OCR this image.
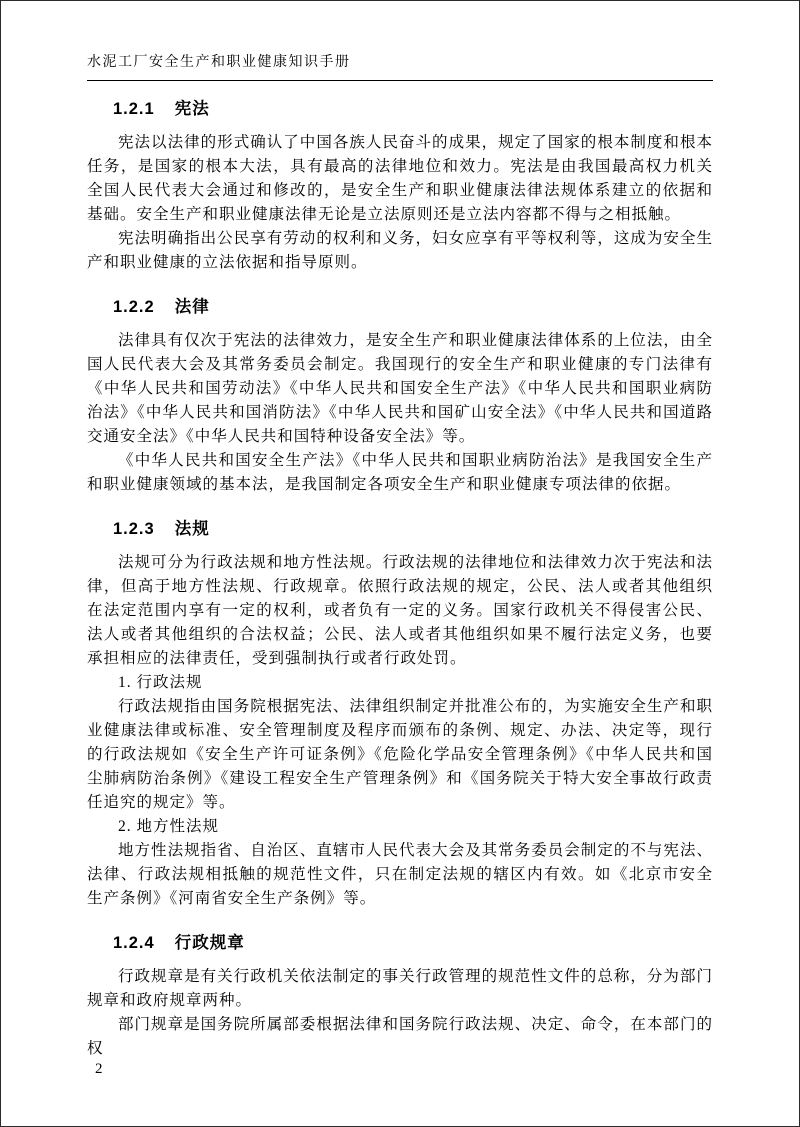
水泥工厂安全生产和职业健康知识手册
1.2.1 宪法

宪法以法律的形式确认了中国各族人民奋斗的成果，规定了国家的根本制度和根本任务，是国家的根本大法，具有最高的法律地位和效力。宪法是由我国最高权力机关全国人民代表大会通过和修改的，是安全生产和职业健康法律法规体系建立的依据和基础。安全生产和职业健康法律无论是立法原则还是立法内容都不得与之相抵触。

宪法明确指出公民享有劳动的权利和义务，妇女应享有平等权利等，这成为安全生产和职业健康的立法依据和指导原则。

1.2.2 法律

法律具有仅次于宪法的法律效力，是安全生产和职业健康法律体系的上位法，由全国人民代表大会及其常务委员会制定。我国现行的安全生产和职业健康的专门法律有《中华人民共和国劳动法》《中华人民共和国安全生产法》《中华人民共和国职业病防治法》《中华人民共和国消防法》《中华人民共和国矿山安全法》《中华人民共和国道路交通安全法》《中华人民共和国特种设备安全法》等。

《中华人民共和国安全生产法》《中华人民共和国职业病防治法》是我国安全生产和职业健康领域的基本法，是我国制定各项安全生产和职业健康专项法律的依据。

1.2.3 法规

法规可分为行政法规和地方性法规。行政法规的法律地位和法律效力次于宪法和法律，但高于地方性法规、行政规章。依照行政法规的规定，公民、法人或者其他组织在法定范围内享有一定的权利，或者负有一定的义务。国家行政机关不得侵害公民、法人或者其他组织的合法权益；公民、法人或者其他组织如果不履行法定义务，也要承担相应的法律责任，受到强制执行或者行政处罚。

1. 行政法规

行政法规指由国务院根据宪法、法律组织制定并批准公布的，为实施安全生产和职业健康法律或标准、安全管理制度及程序而颁布的条例、规定、办法、决定等，现行的行政法规如《安全生产许可证条例》《危险化学品安全管理条例》《中华人民共和国尘肺病防治条例》《建设工程安全生产管理条例》和《国务院关于特大安全事故行政责任追究的规定》等。

2. 地方性法规

地方性法规指省、自治区、直辖市人民代表大会及其常务委员会制定的不与宪法、法律、行政法规相抵触的规范性文件，只在制定法规的辖区内有效。如《北京市安全生产条例》《河南省安全生产条例》等。

1.2.4 行政规章

行政规章是有关行政机关依法制定的事关行政管理的规范性文件的总称，分为部门规章和政府规章两种。

部门规章是国务院所属部委根据法律和国务院行政法规、决定、命令，在本部门的权

2
